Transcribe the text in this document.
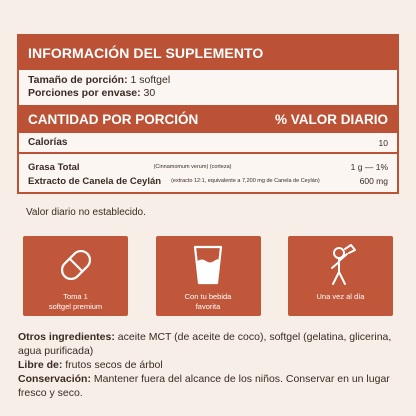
INFORMACIÓN DEL SUPLEMENTO
Tamaño de porción: 1 softgel
Porciones por envase: 30
CANTIDAD POR PORCIÓN	% VALOR DIARIO
Calorías	10
Grasa Total	(Cinnamomum verum) (corteza)	1 g — 1%
Extracto de Canela de Ceylán (extracto 12:1, equivalente a 7,200 mg de Canela de Ceylán)	600 mg
Valor diario no establecido.
Toma 1
softgel premium
Con tu bebida
favorita
Una vez al día

Otros ingredientes: aceite MCT (de aceite de coco), softgel (gelatina, glicerina, agua purificada)

Libre de: frutos secos de árbol

Conservación: Mantener fuera del alcance de los niños. Conservar en un lugar fresco y seco.
